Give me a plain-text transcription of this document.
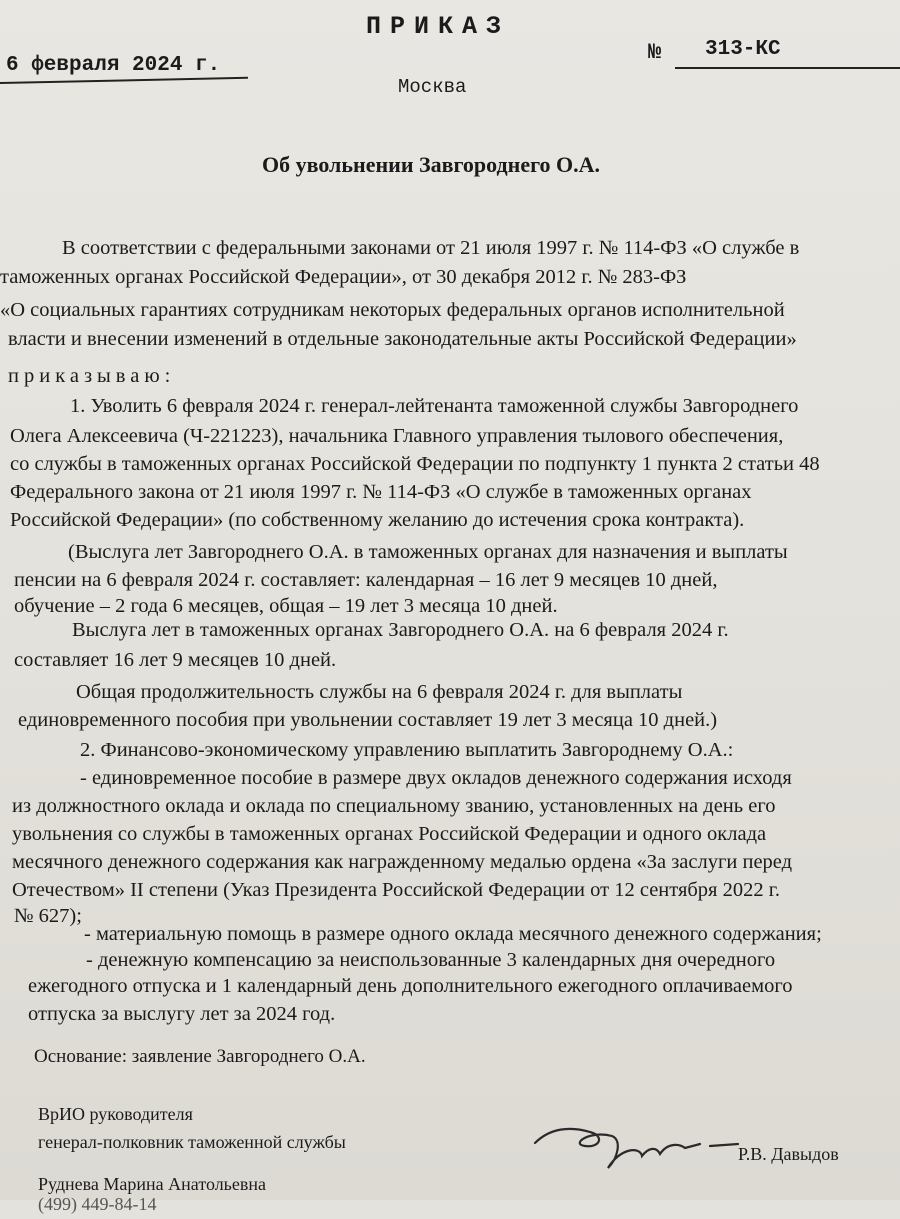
ПРИКАЗ
6 февраля 2024 г.
№ 313-КС
Москва
Об увольнении Завгороднего О.А.
В соответствии с федеральными законами от 21 июля 1997 г. № 114-ФЗ «О службе в
таможенных органах Российской Федерации», от 30 декабря 2012 г. № 283-ФЗ
«О социальных гарантиях сотрудникам некоторых федеральных органов исполнительной
власти и внесении изменений в отдельные законодательные акты Российской Федерации»
приказываю:
1. Уволить 6 февраля 2024 г. генерал-лейтенанта таможенной службы Завгороднего
Олега Алексеевича (Ч-221223), начальника Главного управления тылового обеспечения,
со службы в таможенных органах Российской Федерации по подпункту 1 пункта 2 статьи 48
Федерального закона от 21 июля 1997 г. № 114-ФЗ «О службе в таможенных органах
Российской Федерации» (по собственному желанию до истечения срока контракта).
(Выслуга лет Завгороднего О.А. в таможенных органах для назначения и выплаты
пенсии на 6 февраля 2024 г. составляет: календарная – 16 лет 9 месяцев 10 дней,
обучение – 2 года 6 месяцев, общая – 19 лет 3 месяца 10 дней.
Выслуга лет в таможенных органах Завгороднего О.А. на 6 февраля 2024 г.
составляет 16 лет 9 месяцев 10 дней.
Общая продолжительность службы на 6 февраля 2024 г. для выплаты
единовременного пособия при увольнении составляет 19 лет 3 месяца 10 дней.)
2. Финансово-экономическому управлению выплатить Завгороднему О.А.:
- единовременное пособие в размере двух окладов денежного содержания исходя
из должностного оклада и оклада по специальному званию, установленных на день его
увольнения со службы в таможенных органах Российской Федерации и одного оклада
месячного денежного содержания как награжденному медалью ордена «За заслуги перед
Отечеством» II степени (Указ Президента Российской Федерации от 12 сентября 2022 г.
№ 627);
- материальную помощь в размере одного оклада месячного денежного содержания;
- денежную компенсацию за неиспользованные 3 календарных дня очередного
ежегодного отпуска и 1 календарный день дополнительного ежегодного оплачиваемого
отпуска за выслугу лет за 2024 год.
Основание: заявление Завгороднего О.А.
ВрИО руководителя
генерал-полковник таможенной службы
Р.В. Давыдов
Руднева Марина Анатольевна
(499) 449-84-14
